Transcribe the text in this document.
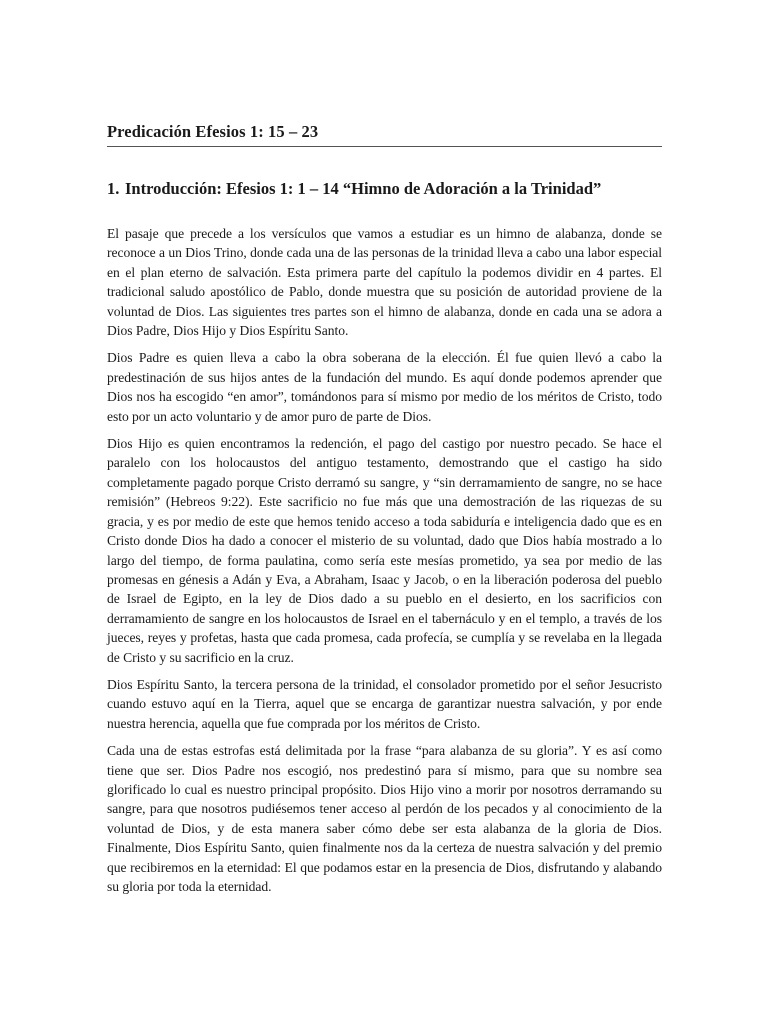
Predicación Efesios 1: 15 – 23
1. Introducción: Efesios 1: 1 – 14 “Himno de Adoración a la Trinidad”

El pasaje que precede a los versículos que vamos a estudiar es un himno de alabanza, donde se reconoce a un Dios Trino, donde cada una de las personas de la trinidad lleva a cabo una labor especial en el plan eterno de salvación. Esta primera parte del capítulo la podemos dividir en 4 partes. El tradicional saludo apostólico de Pablo, donde muestra que su posición de autoridad proviene de la voluntad de Dios. Las siguientes tres partes son el himno de alabanza, donde en cada una se adora a Dios Padre, Dios Hijo y Dios Espíritu Santo.

Dios Padre es quien lleva a cabo la obra soberana de la elección. Él fue quien llevó a cabo la predestinación de sus hijos antes de la fundación del mundo. Es aquí donde podemos aprender que Dios nos ha escogido “en amor”, tomándonos para sí mismo por medio de los méritos de Cristo, todo esto por un acto voluntario y de amor puro de parte de Dios.

Dios Hijo es quien encontramos la redención, el pago del castigo por nuestro pecado. Se hace el paralelo con los holocaustos del antiguo testamento, demostrando que el castigo ha sido completamente pagado porque Cristo derramó su sangre, y “sin derramamiento de sangre, no se hace remisión” (Hebreos 9:22). Este sacrificio no fue más que una demostración de las riquezas de su gracia, y es por medio de este que hemos tenido acceso a toda sabiduría e inteligencia dado que es en Cristo donde Dios ha dado a conocer el misterio de su voluntad, dado que Dios había mostrado a lo largo del tiempo, de forma paulatina, como sería este mesías prometido, ya sea por medio de las promesas en génesis a Adán y Eva, a Abraham, Isaac y Jacob, o en la liberación poderosa del pueblo de Israel de Egipto, en la ley de Dios dado a su pueblo en el desierto, en los sacrificios con derramamiento de sangre en los holocaustos de Israel en el tabernáculo y en el templo, a través de los jueces, reyes y profetas, hasta que cada promesa, cada profecía, se cumplía y se revelaba en la llegada de Cristo y su sacrificio en la cruz.

Dios Espíritu Santo, la tercera persona de la trinidad, el consolador prometido por el señor Jesucristo cuando estuvo aquí en la Tierra, aquel que se encarga de garantizar nuestra salvación, y por ende nuestra herencia, aquella que fue comprada por los méritos de Cristo.

Cada una de estas estrofas está delimitada por la frase “para alabanza de su gloria”. Y es así como tiene que ser. Dios Padre nos escogió, nos predestinó para sí mismo, para que su nombre sea glorificado lo cual es nuestro principal propósito. Dios Hijo vino a morir por nosotros derramando su sangre, para que nosotros pudiésemos tener acceso al perdón de los pecados y al conocimiento de la voluntad de Dios, y de esta manera saber cómo debe ser esta alabanza de la gloria de Dios. Finalmente, Dios Espíritu Santo, quien finalmente nos da la certeza de nuestra salvación y del premio que recibiremos en la eternidad: El que podamos estar en la presencia de Dios, disfrutando y alabando su gloria por toda la eternidad.
